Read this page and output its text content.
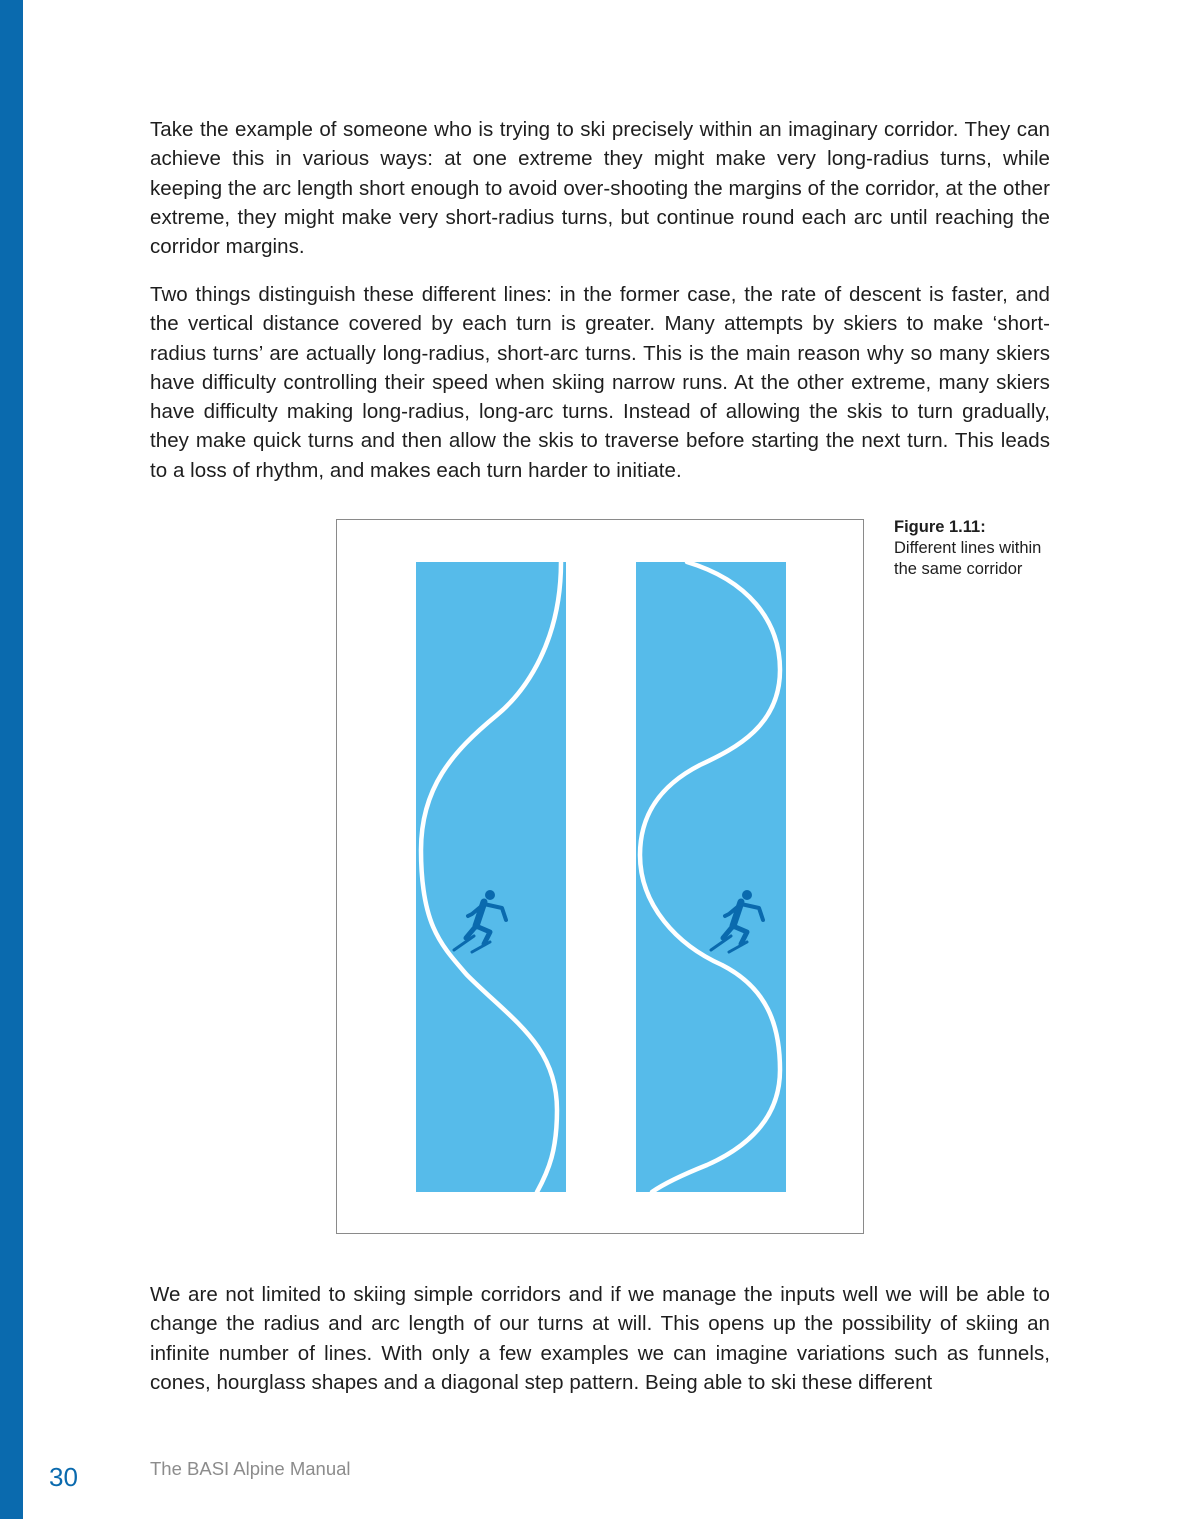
Take the example of someone who is trying to ski precisely within an imaginary corridor. They can achieve this in various ways: at one extreme they might make very long-radius turns, while keeping the arc length short enough to avoid over-shooting the margins of the corridor, at the other extreme, they might make very short-radius turns, but continue round each arc until reaching the corridor margins.

Two things distinguish these different lines: in the former case, the rate of descent is faster, and the vertical distance covered by each turn is greater. Many attempts by skiers to make ‘short-radius turns’ are actually long-radius, short-arc turns. This is the main reason why so many skiers have difficulty controlling their speed when skiing narrow runs. At the other extreme, many skiers have difficulty making long-radius, long-arc turns. Instead of allowing the skis to turn gradually, they make quick turns and then allow the skis to traverse before starting the next turn. This leads to a loss of rhythm, and makes each turn harder to initiate.

Figure 1.11:
Different lines within the same corridor

We are not limited to skiing simple corridors and if we manage the inputs well we will be able to change the radius and arc length of our turns at will. This opens up the possibility of skiing an infinite number of lines. With only a few examples we can imagine variations such as funnels, cones, hourglass shapes and a diagonal step pattern. Being able to ski these different

30	The BASI Alpine Manual
